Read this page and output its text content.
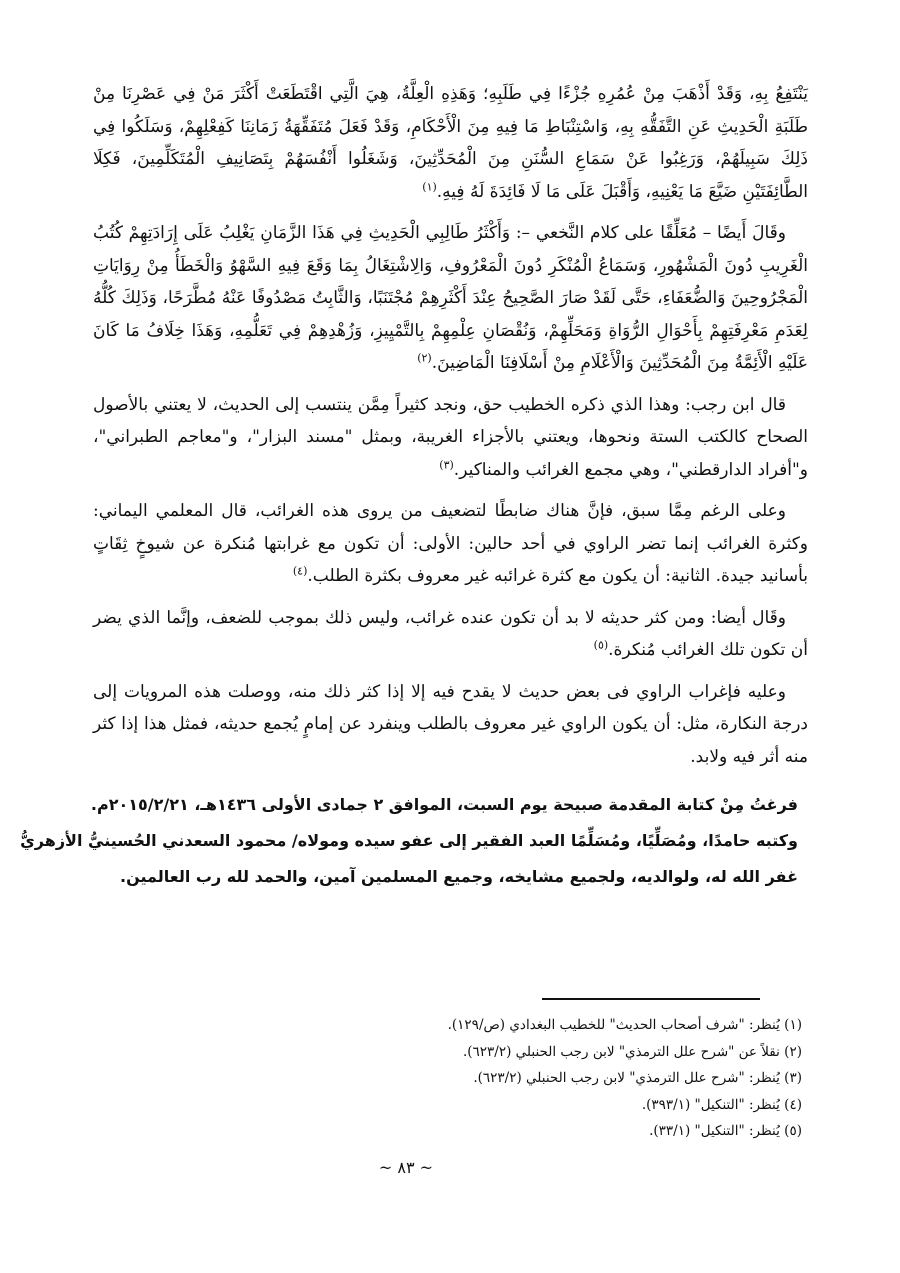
يَنْتَفِعُ بِهِ، وَقَدْ أَذْهَبَ مِنْ عُمُرِهِ جُزْءًا فِي طَلَبِهِ؛ وَهَذِهِ الْعِلَّةُ، هِيَ الَّتِي اقْتَطَعَتْ أَكْثَرَ مَنْ فِي عَصْرِنَا مِنْ طَلَبَةِ الْحَدِيثِ عَنِ التَّفَقُّهِ بِهِ، وَاسْتِنْبَاطِ مَا فِيهِ مِنَ الْأَحْكَامِ، وَقَدْ فَعَلَ مُتَفَقِّهَةُ زَمَانِنَا كَفِعْلِهِمْ، وَسَلَكُوا فِي ذَلِكَ سَبِيلَهُمْ، وَرَغِبُوا عَنْ سَمَاعِ السُّنَنِ مِنَ الْمُحَدِّثِينَ، وَشَغَلُوا أَنْفُسَهُمْ بِتَصَانِيفِ الْمُتَكَلِّمِينَ، فَكِلَا الطَّائِفَتَيْنِ ضَيَّعَ مَا يَعْنِيهِ، وَأَقْبَلَ عَلَى مَا لَا فَائِدَةَ لَهُ فِيهِ.$^{(١)}$

وقَالَ أَيضًا – مُعَلِّقًا على كلام النَّخعي –: وَأَكْثَرُ طَالِبِي الْحَدِيثِ فِي هَذَا الزَّمَانِ يَغْلِبُ عَلَى إِرَادَتِهِمْ كُتُبُ الْغَرِيبِ دُونَ الْمَشْهُورِ، وَسَمَاعُ الْمُنْكَرِ دُونَ الْمَعْرُوفِ، وَالِاشْتِغَالُ بِمَا وَقَعَ فِيهِ السَّهْوُ وَالْخَطَأُ مِنْ رِوَايَاتِ الْمَجْرُوحِينَ وَالضُّعَفَاءِ، حَتَّى لَقَدْ صَارَ الصَّحِيحُ عِنْدَ أَكْثَرِهِمْ مُجْتَنَبًا، وَالثَّابِتُ مَصْدُوفًا عَنْهُ مُطَّرَحًا، وَذَلِكَ كُلُّهُ لِعَدَمِ مَعْرِفَتِهِمْ بِأَحْوَالِ الرُّوَاةِ وَمَحَلِّهِمْ، وَنُقْصَانِ عِلْمِهِمْ بِالتَّمْيِيزِ، وَزُهْدِهِمْ فِي تَعَلُّمِهِ، وَهَذَا خِلَافُ مَا كَانَ عَلَيْهِ الْأَئِمَّةُ مِنَ الْمُحَدِّثِينَ وَالْأَعْلَامِ مِنْ أَسْلَافِنَا الْمَاضِينَ.$^{(٢)}$

قال ابن رجب: وهذا الذي ذكره الخطيب حق، ونجد كثيراً مِمَّن ينتسب إلى الحديث، لا يعتني بالأصول الصحاح كالكتب الستة ونحوها، ويعتني بالأجزاء الغريبة، وبمثل "مسند البزار"، و"معاجم الطبراني"، و"أفراد الدارقطني"، وهي مجمع الغرائب والمناكير.$^{(٣)}$

وعلى الرغم مِمَّا سبق، فإنَّ هناك ضابطًا لتضعيف من يروى هذه الغرائب، قال المعلمي اليماني: وكثرة الغرائب إنما تضر الراوي في أحد حالين: الأولى: أن تكون مع غرابتها مُنكرة عن شيوخٍ ثِقَاتٍ بأسانيد جيدة. الثانية: أن يكون مع كثرة غرائبه غير معروف بكثرة الطلب.$^{(٤)}$

وقَال أيضا: ومن كثر حديثه لا بد أن تكون عنده غرائب، وليس ذلك بموجب للضعف، وإنَّما الذي يضر أن تكون تلك الغرائب مُنكرة.$^{(٥)}$

وعليه فإغراب الراوي فى بعض حديث لا يقدح فيه إلا إذا كثر ذلك منه، ووصلت هذه المرويات إلى درجة النكارة، مثل: أن يكون الراوي غير معروف بالطلب وينفرد عن إمامٍ يُجمع حديثه، فمثل هذا إذا كثر منه أثر فيه ولابد.

فرغتُ مِنْ كتابة المقدمة صبيحة يوم السبت، الموافق ٢ جمادى الأولى ١٤٣٦هـ، ٢٠١٥/٢/٢١م.
وكتبه حامدًا، ومُصَلِّيًا، ومُسَلِّمًا العبد الفقير إلى عفو سيده ومولاه/ محمود السعدني الحُسينيُّ الأزهريُّ
غفر الله له، ولوالديه، ولجميع مشايخه، وجميع المسلمين آمين، والحمد لله رب العالمين.
(١) يُنظر: "شرف أصحاب الحديث" للخطيب البغدادي (ص/١٢٩).
(٢) نقلاً عن "شرح علل الترمذي" لابن رجب الحنبلي (٦٢٣/٢).
(٣) يُنظر: "شرح علل الترمذي" لابن رجب الحنبلي (٦٢٣/٢).
(٤) يُنظر: "التنكيل" (٣٩٣/١).
(٥) يُنظر: "التنكيل" (٣٣/١).
~ ٨٣ ~
